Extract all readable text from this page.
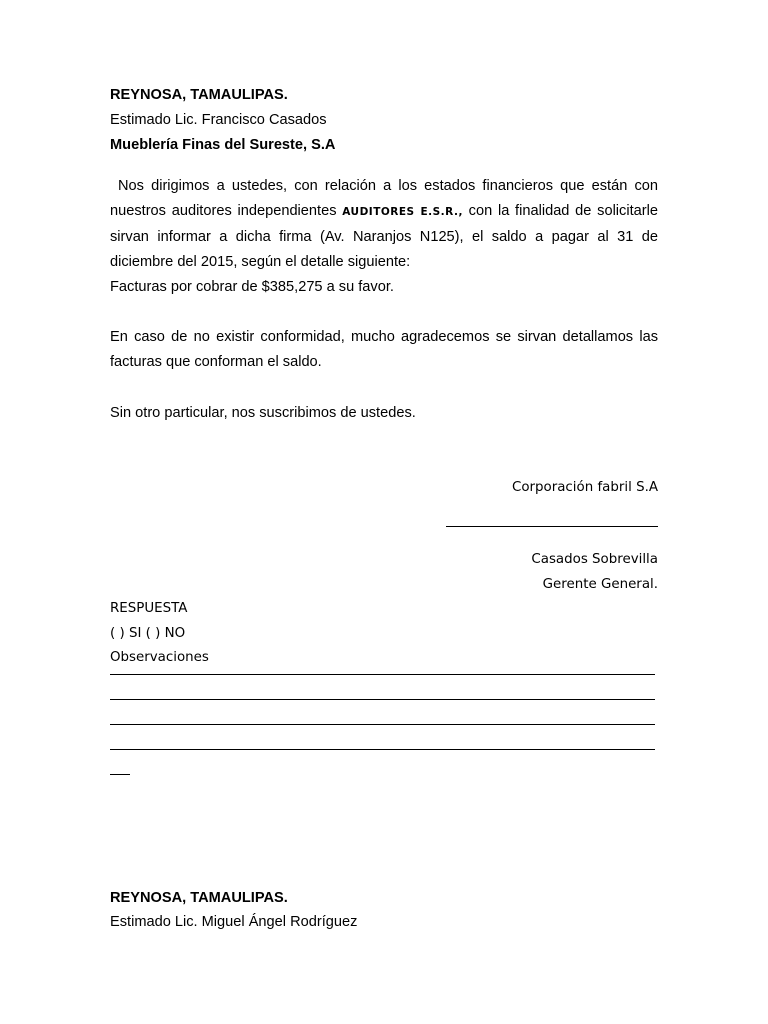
REYNOSA, TAMAULIPAS.
Estimado Lic. Francisco Casados
Mueblería Finas del Sureste, S.A
Nos dirigimos a ustedes, con relación a los estados financieros que están con nuestros auditores independientes AUDITORES E.S.R., con la finalidad de solicitarle sirvan informar a dicha firma (Av. Naranjos N125), el saldo a pagar al 31 de diciembre del 2015, según el detalle siguiente:
Facturas por cobrar de $385,275 a su favor.
En caso de no existir conformidad, mucho agradecemos se sirvan detallamos las facturas que conforman el saldo.
Sin otro particular, nos suscribimos de ustedes.
Corporación fabril S.A
Casados Sobrevilla
Gerente General.
RESPUESTA
( ) SI ( ) NO
Observaciones
REYNOSA, TAMAULIPAS.
Estimado Lic. Miguel Ángel Rodríguez
